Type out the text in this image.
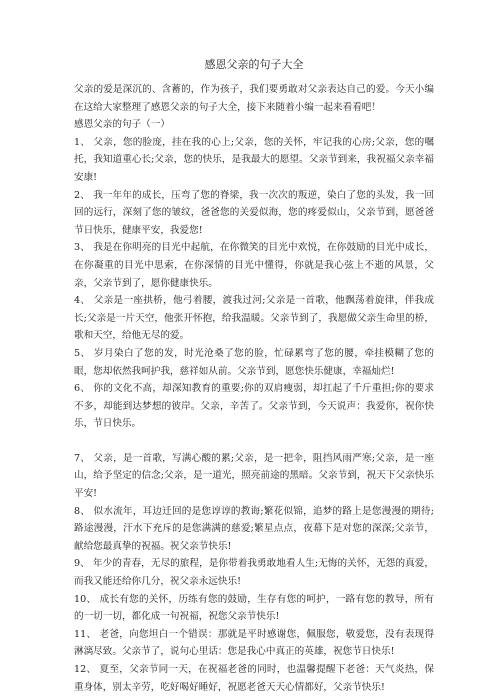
感恩父亲的句子大全

父亲的爱是深沉的、含蓄的，作为孩子，我们要勇敢对父亲表达自己的爱。今天小编在这给大家整理了感恩父亲的句子大全，接下来随着小编一起来看看吧！

感恩父亲的句子（一）

1、 父亲，您的脸庞，挂在我的心上;父亲，您的关怀，牢记我的心房;父亲，您的嘱托，我知道重心长;父亲，您的快乐，是我最大的愿望。父亲节到来，我祝福父亲幸福安康!

2、 我一年年的成长，压弯了您的脊梁，我一次次的叛逆，染白了您的头发，我一回回的远行，深刻了您的皱纹，爸爸您的关爱似海，您的疼爱似山，父亲节到，愿爸爸节日快乐，健康平安，我爱您!

3、 我是在你明亮的目光中起航，在你微笑的目光中欢悦，在你鼓励的目光中成长，在你凝重的目光中思索，在你深情的目光中懂得，你就是我心弦上不逝的风景，父亲，父亲节到了，愿你健康快乐。

4、 父亲是一座拱桥，他弓着腰，渡我过河;父亲是一首歌，他飘荡着旋律，伴我成长;父亲是一片天空，他张开怀抱，给我温暖。父亲节到了，我愿做父亲生命里的桥，歌和天空，给他无尽的爱。

5、 岁月染白了您的发，时光沧桑了您的脸，忙碌累弯了您的腰，牵挂模糊了您的眼，您却依然我呵护我，慈祥如从前。父亲节到，愿您快乐健康，幸福灿烂!

6、 你的文化不高，却深知教育的重要;你的双肩瘦弱，却扛起了千斤重担;你的要求不多，却能到达梦想的彼岸。父亲，辛苦了。父亲节到，今天说声：我爱你，祝你快乐，节日快乐。

7、 父亲，是一首歌，写满心酸的累;父亲，是一把伞，阻挡风雨严寒;父亲，是一座山，给予坚定的信念;父亲，是一道光，照亮前途的黑暗。父亲节到，祝天下父亲快乐平安!

8、 似水流年，耳边迁回的是您谆谆的教诲;繁花似锦，追梦的路上是您漫漫的期待;路途漫漫，汗水下充斥的是您满满的慈爱;繁星点点，夜幕下是对您的深深;父亲节，献给您最真挚的祝福。祝父亲节快乐!

9、 年少的青春，无尽的旅程，是你带着我勇敢地看人生;无悔的关怀，无怨的真爱，而我又能还给你几分，祝父亲永远快乐!

10、 成长有您的关怀，历练有您的鼓励，生存有您的呵护，一路有您的教导，所有的一切一切，都化成一句祝福，祝您父亲节快乐!

11、 老爸，向您坦白一个错误：那就是平时感谢您，佩服您，敬爱您，没有表现得淋漓尽致。父亲节了，说句心里话：您是我心中真正的英雄，祝您节日快乐!

12、 夏至，父亲节同一天，在祝福老爸的同时，也温馨提醒下老爸：天气炎热，保重身体，别太辛劳，吃好喝好睡好，祝愿老爸天天心情都好，父亲节快乐!
